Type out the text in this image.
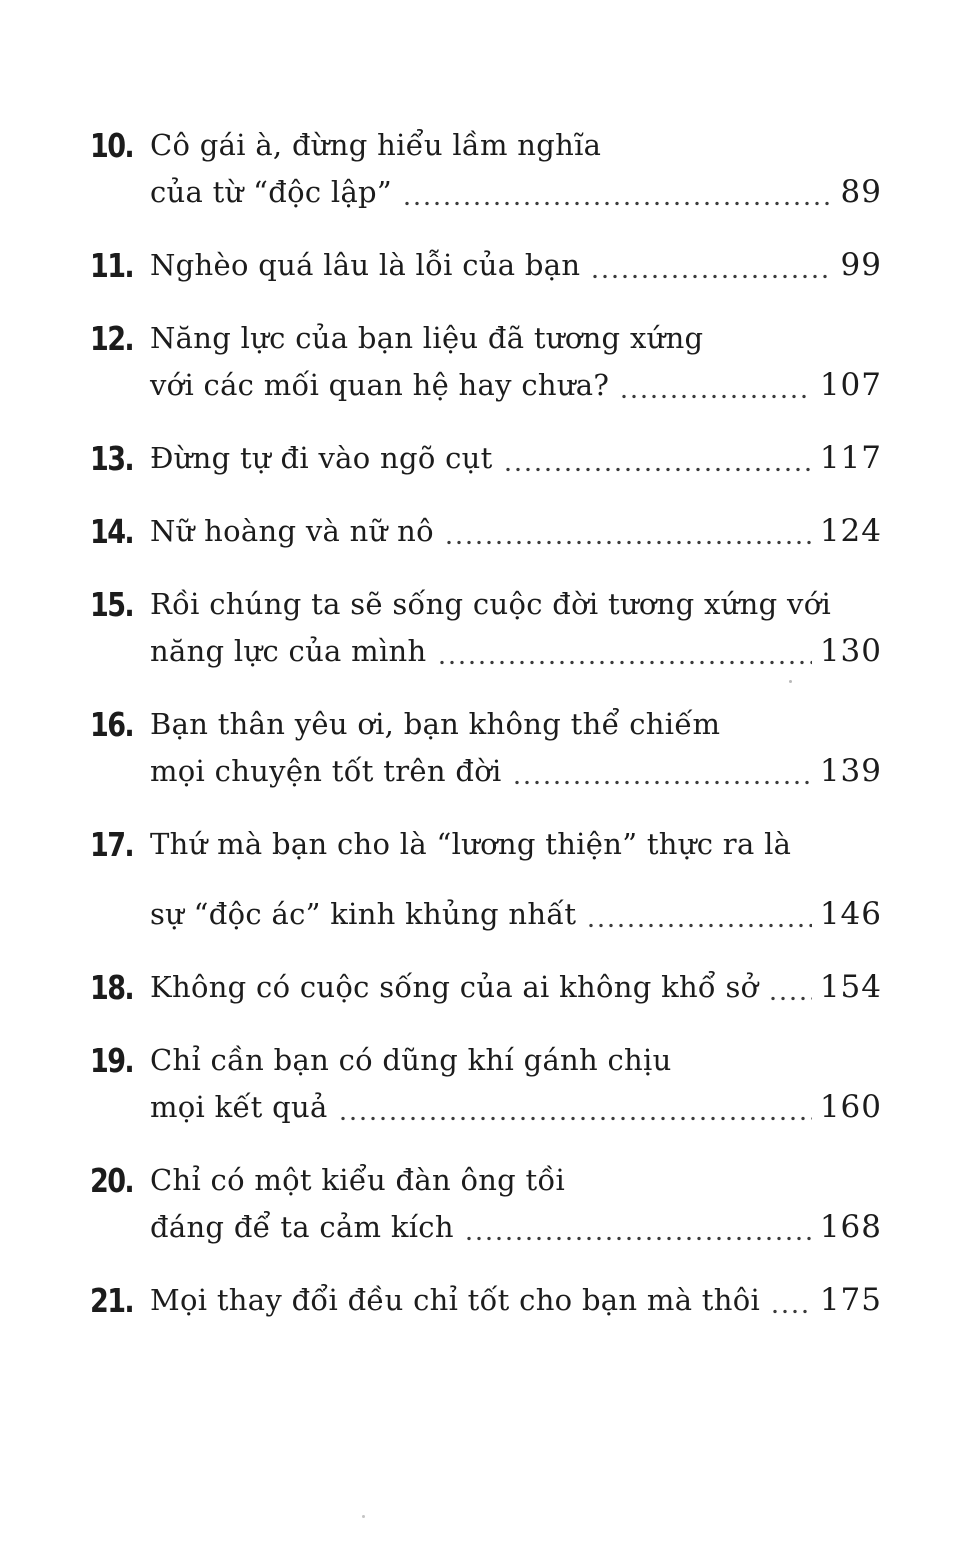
10. Cô gái à, đừng hiểu lầm nghĩa
của từ “độc lập”	89
11. Nghèo quá lâu là lỗi của bạn	99
12. Năng lực của bạn liệu đã tương xứng
với các mối quan hệ hay chưa?	107
13. Đừng tự đi vào ngõ cụt	117
14. Nữ hoàng và nữ nô	124
15. Rồi chúng ta sẽ sống cuộc đời tương xứng với
năng lực của mình	130
16. Bạn thân yêu ơi, bạn không thể chiếm
mọi chuyện tốt trên đời	139
17. Thứ mà bạn cho là “lương thiện” thực ra là
sự “độc ác” kinh khủng nhất	146
18. Không có cuộc sống của ai không khổ sở 154
19. Chỉ cần bạn có dũng khí gánh chịu
mọi kết quả	160
20. Chỉ có một kiểu đàn ông tồi
đáng để ta cảm kích	168
21. Mọi thay đổi đều chỉ tốt cho bạn mà thôi 175
